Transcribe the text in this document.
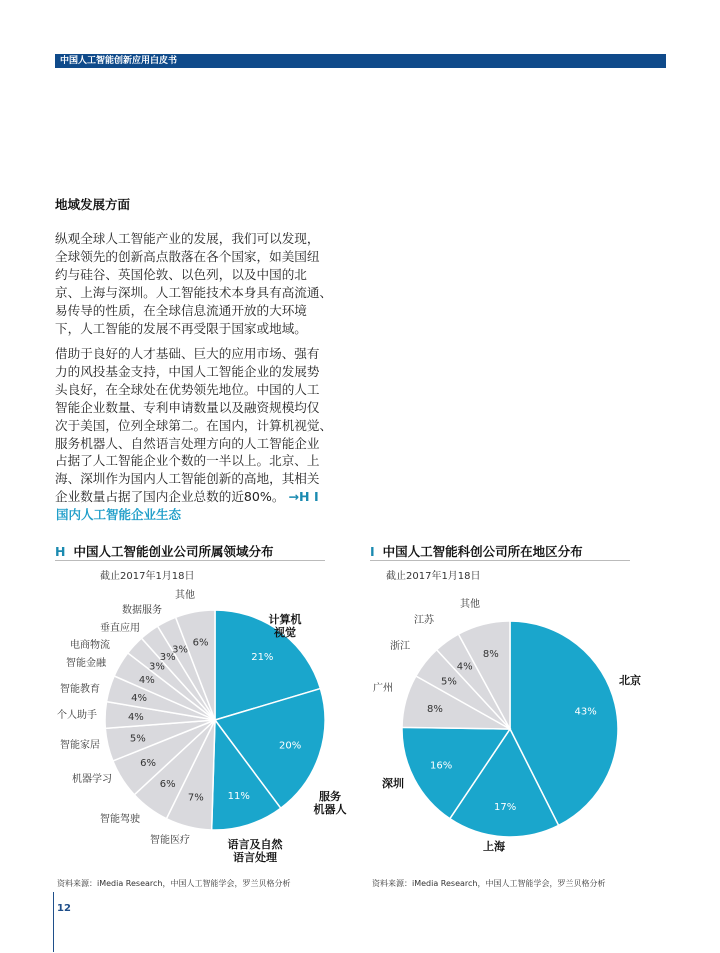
中国人工智能创新应用白皮书
地域发展方面

纵观全球人工智能产业的发展，我们可以发现，
全球领先的创新高点散落在各个国家，如美国纽
约与硅谷、英国伦敦、以色列，以及中国的北
京、上海与深圳。人工智能技术本身具有高流通、
易传导的性质，在全球信息流通开放的大环境
下，人工智能的发展不再受限于国家或地域。

借助于良好的人才基础、巨大的应用市场、强有
力的风投基金支持，中国人工智能企业的发展势
头良好，在全球处在优势领先地位。中国的人工
智能企业数量、专利申请数量以及融资规模均仅
次于美国，位列全球第二。在国内，计算机视觉、
服务机器人、自然语言处理方向的人工智能企业
占据了人工智能企业个数的一半以上。北京、上
海、深圳作为国内人工智能创新的高地，其相关
企业数量占据了国内企业总数的近80%。 →H I

国内人工智能企业生态
H 中国人工智能创业公司所属领域分布
截止2017年1月18日
I 中国人工智能科创公司所在地区分布
截止2017年1月18日
21%
20%
11%
7%
6%
6%
5%
4%
4%
4%
3%
3%
3%
6%
计算机视觉
服务机器人
语言及自然语言处理
智能医疗
智能驾驶
机器学习
智能家居
个人助手
智能教育
智能金融
电商物流
垂直应用
数据服务
其他
43%
17%
16%
8%
5%
4%
8%
北京
上海
深圳
广州
浙江
江苏
其他
资料来源：iMedia Research，中国人工智能学会，罗兰贝格分析	资料来源：iMedia Research，中国人工智能学会，罗兰贝格分析
12
